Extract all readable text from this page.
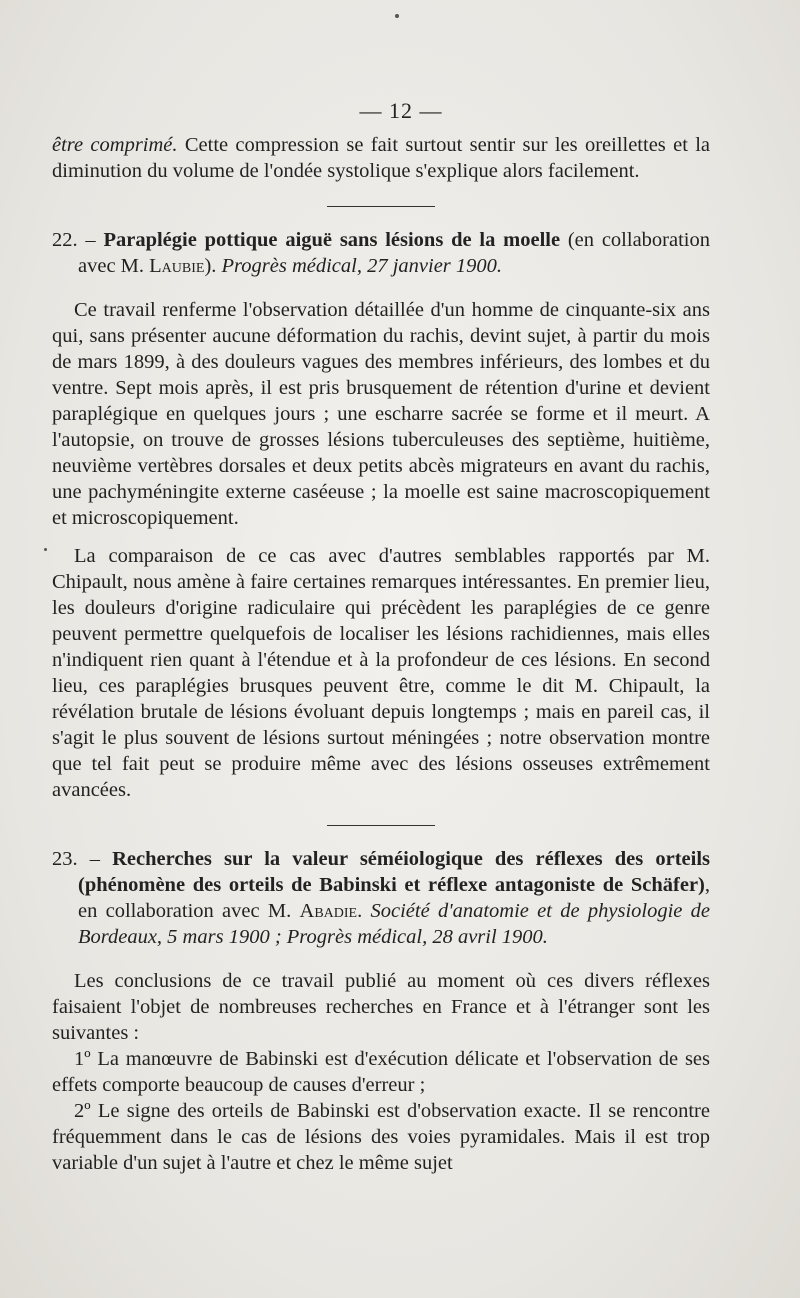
— 12 —

être comprimé. Cette compression se fait surtout sentir sur les oreillettes et la diminution du volume de l'ondée systolique s'explique alors facilement.

22. – Paraplégie pottique aiguë sans lésions de la moelle (en collaboration avec M. Laubie). Progrès médical, 27 janvier 1900.

Ce travail renferme l'observation détaillée d'un homme de cinquante-six ans qui, sans présenter aucune déformation du rachis, devint sujet, à partir du mois de mars 1899, à des douleurs vagues des membres inférieurs, des lombes et du ventre. Sept mois après, il est pris brusquement de rétention d'urine et devient paraplégique en quelques jours ; une escharre sacrée se forme et il meurt. A l'autopsie, on trouve de grosses lésions tuberculeuses des septième, huitième, neuvième vertèbres dorsales et deux petits abcès migrateurs en avant du rachis, une pachyméningite externe caséeuse ; la moelle est saine macroscopiquement et microscopiquement.

La comparaison de ce cas avec d'autres semblables rapportés par M. Chipault, nous amène à faire certaines remarques intéressantes. En premier lieu, les douleurs d'origine radiculaire qui précèdent les paraplégies de ce genre peuvent permettre quelquefois de localiser les lésions rachidiennes, mais elles n'indiquent rien quant à l'étendue et à la profondeur de ces lésions. En second lieu, ces paraplégies brusques peuvent être, comme le dit M. Chipault, la révélation brutale de lésions évoluant depuis longtemps ; mais en pareil cas, il s'agit le plus souvent de lésions surtout méningées ; notre observation montre que tel fait peut se produire même avec des lésions osseuses extrêmement avancées.

23. – Recherches sur la valeur séméiologique des réflexes des orteils (phénomène des orteils de Babinski et réflexe antagoniste de Schäfer), en collaboration avec M. Abadie. Société d'anatomie et de physiologie de Bordeaux, 5 mars 1900 ; Progrès médical, 28 avril 1900.

Les conclusions de ce travail publié au moment où ces divers réflexes faisaient l'objet de nombreuses recherches en France et à l'étranger sont les suivantes :

1º La manœuvre de Babinski est d'exécution délicate et l'observation de ses effets comporte beaucoup de causes d'erreur ;

2º Le signe des orteils de Babinski est d'observation exacte. Il se rencontre fréquemment dans le cas de lésions des voies pyramidales. Mais il est trop variable d'un sujet à l'autre et chez le même sujet
